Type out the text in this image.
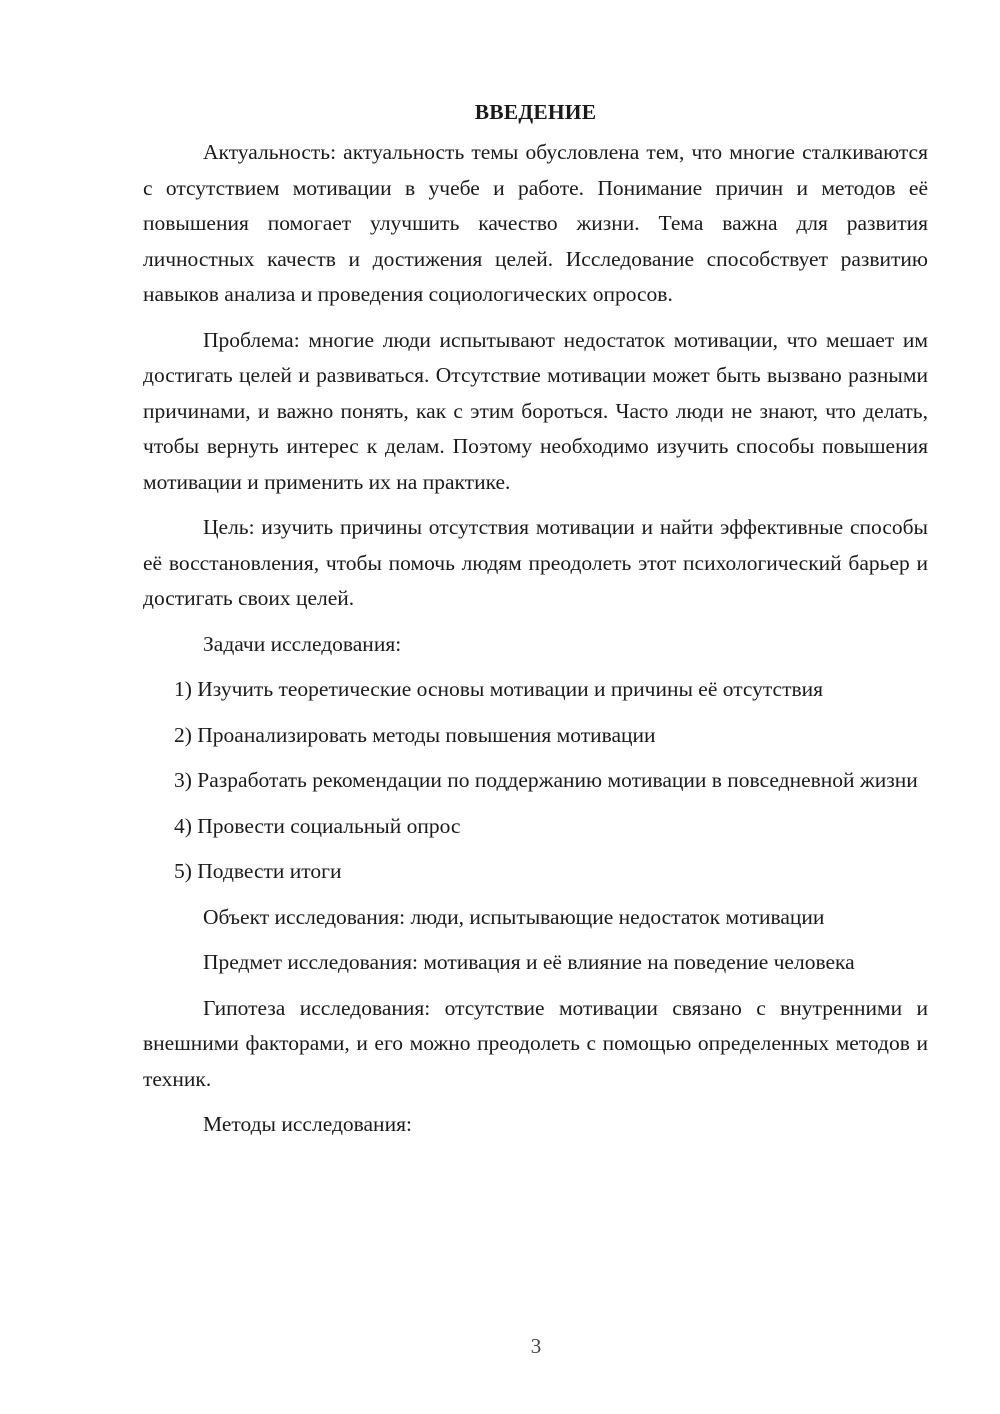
ВВЕДЕНИЕ

Актуальность: актуальность темы обусловлена тем, что многие сталкиваются с отсутствием мотивации в учебе и работе. Понимание причин и методов её повышения помогает улучшить качество жизни. Тема важна для развития личностных качеств и достижения целей. Исследование способствует развитию навыков анализа и проведения социологических опросов.

Проблема: многие люди испытывают недостаток мотивации, что мешает им достигать целей и развиваться. Отсутствие мотивации может быть вызвано разными причинами, и важно понять, как с этим бороться. Часто люди не знают, что делать, чтобы вернуть интерес к делам. Поэтому необходимо изучить способы повышения мотивации и применить их на практике.

Цель: изучить причины отсутствия мотивации и найти эффективные способы её восстановления, чтобы помочь людям преодолеть этот психологический барьер и достигать своих целей.

Задачи исследования:

1) Изучить теоретические основы мотивации и причины её отсутствия

2) Проанализировать методы повышения мотивации

3) Разработать рекомендации по поддержанию мотивации в повседневной жизни

4) Провести социальный опрос

5) Подвести итоги

Объект исследования: люди, испытывающие недостаток мотивации

Предмет исследования: мотивация и её влияние на поведение человека

Гипотеза исследования: отсутствие мотивации связано с внутренними и внешними факторами, и его можно преодолеть с помощью определенных методов и техник.

Методы исследования:

3
